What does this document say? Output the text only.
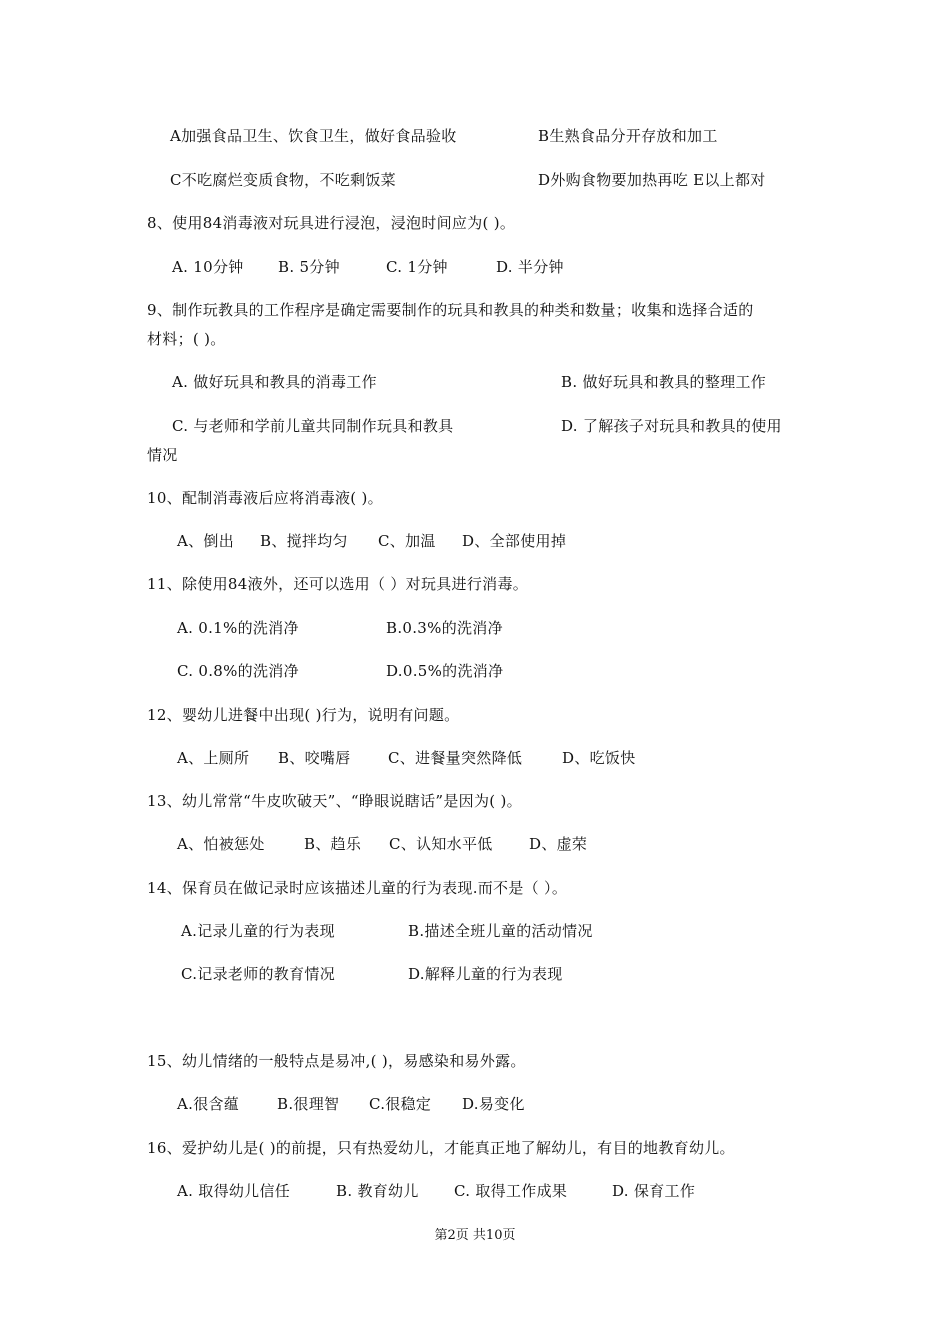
A加强食品卫生、饮食卫生，做好食品验收	B生熟食品分开存放和加工
C不吃腐烂变质食物，不吃剩饭菜	D外购食物要加热再吃 E以上都对
8、使用84消毒液对玩具进行浸泡，浸泡时间应为( )。
A. 10分钟 B. 5分钟	C. 1分钟	D. 半分钟
9、制作玩教具的工作程序是确定需要制作的玩具和教具的种类和数量；收集和选择合适的
材料；( )。
A. 做好玩具和教具的消毒工作	B. 做好玩具和教具的整理工作
C. 与老师和学前儿童共同制作玩具和教具	D. 了解孩子对玩具和教具的使用
情况
10、配制消毒液后应将消毒液( )。
A、倒出 B、搅拌均匀 C、加温 D、全部使用掉
11、除使用84液外，还可以选用（ ）对玩具进行消毒。
A. 0.1%的洗消净	B.0.3%的洗消净
C. 0.8%的洗消净	D.0.5%的洗消净
12、婴幼儿进餐中出现( )行为，说明有问题。
A、上厕所 B、咬嘴唇 C、进餐量突然降低	D、吃饭快
13、幼儿常常“牛皮吹破天”、“睁眼说瞎话”是因为( )。
A、怕被惩处	B、趋乐 C、认知水平低 D、虚荣
14、保育员在做记录时应该描述儿童的行为表现.而不是（ ）。
A.记录儿童的行为表现	B.描述全班儿童的活动情况
C.记录老师的教育情况	D.解释儿童的行为表现
15、幼儿情绪的一般特点是易冲,( )，易感染和易外露。
A.很含蕴	B.很理智 C.很稳定 D.易变化
16、爱护幼儿是( )的前提，只有热爱幼儿，才能真正地了解幼儿，有目的地教育幼儿。
A. 取得幼儿信任	B. 教育幼儿 C. 取得工作成果	D. 保育工作
第2页 共10页
